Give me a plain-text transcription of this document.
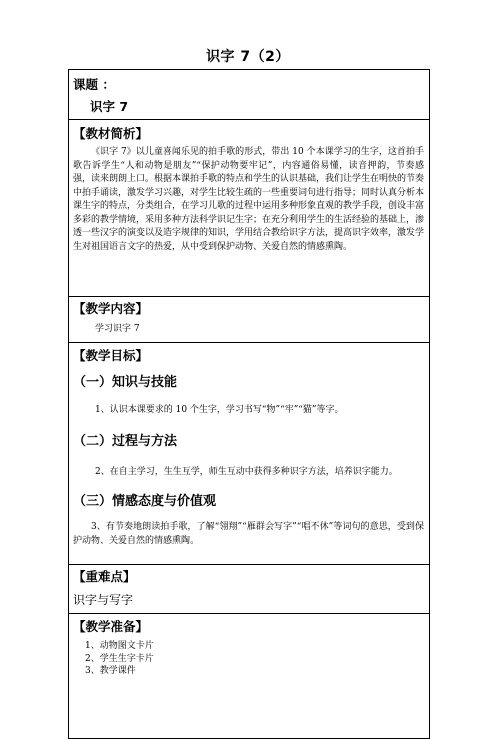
识字 7（2）
课题 ：
识字 7
【教材简析】
《识字 7》以儿童喜闻乐见的拍手歌的形式，带出 10 个本课学习的生字，这首拍手歌告诉学生“人和动物是朋友”“保护动物要牢记”，内容通俗易懂，读音押韵，节奏感强，读来朗朗上口。根据本课拍手歌的特点和学生的认识基础，我们让学生在明快的节奏中拍手诵读，激发学习兴趣，对学生比较生疏的一些重要词句进行指导；同时认真分析本课生字的特点，分类组合，在学习儿歌的过程中运用多种形象直观的教学手段，创设丰富多彩的教学情境，采用多种方法科学识记生字；在充分利用学生的生活经验的基础上，渗透一些汉字的演变以及造字规律的知识，学用结合教给识字方法，提高识字效率，激发学生对祖国语言文字的热爱，从中受到保护动物、关爱自然的情感熏陶。
【教学内容】
学习识字 7
【教学目标】
（一）知识与技能
1、认识本课要求的 10 个生字，学习书写“物”“牢”“猫”等字。
（二）过程与方法
2、在自主学习，生生互学，师生互动中获得多种识字方法，培养识字能力。
（三）情感态度与价值观
3、有节奏地朗读拍手歌，了解“翎翔”“雁群会写字”“唱不休”等词句的意思，受到保护动物、关爱自然的情感熏陶。
【重难点】
识字与写字
【教学准备】
1、动物图文卡片
2、学生生字卡片
3、教学课件
